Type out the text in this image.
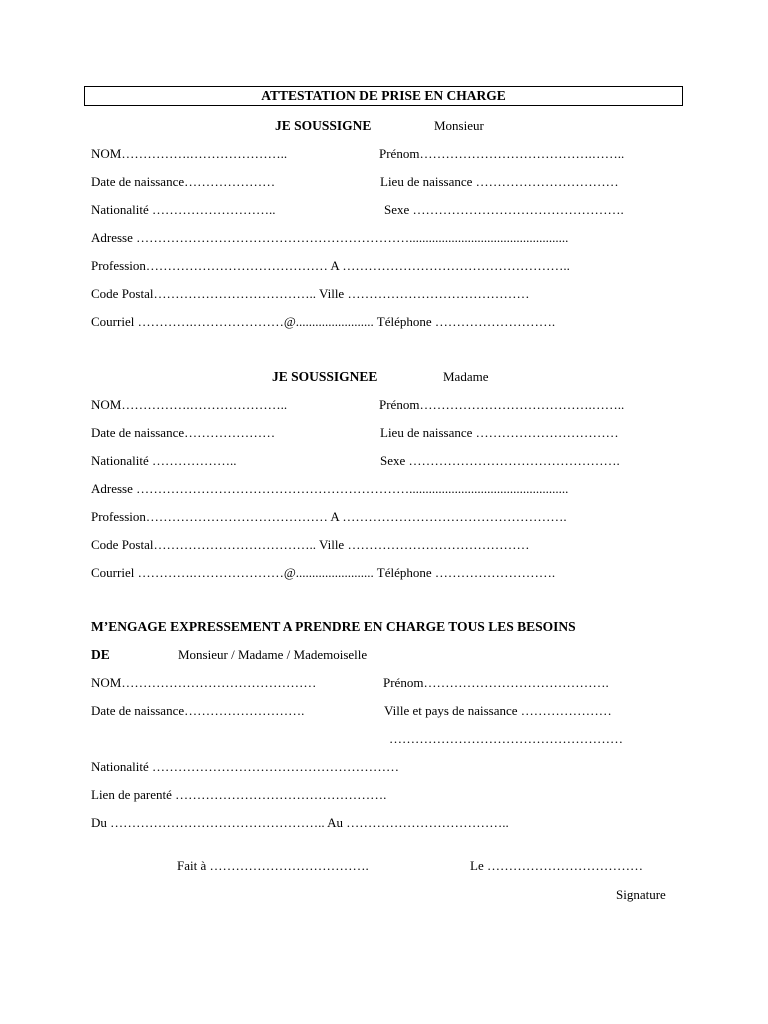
ATTESTATION DE PRISE EN CHARGE
JE SOUSSIGNE	Monsieur
NOM…………….…………………..	Prénom………………………………….……..
Date de naissance…………………	Lieu de naissance ……………………………
Nationalité ………………………..	Sexe ………………………………………….
Adresse ……………………………………………………….................................................
Profession…………………………………… A ……………………………………………..
Code Postal……………………………….. Ville ……………………………………
Courriel ………….…………………@........................ Téléphone ……………………….
JE SOUSSIGNEE	Madame
NOM…………….…………………..	Prénom………………………………….……..
Date de naissance…………………	Lieu de naissance ……………………………
Nationalité ………………..	Sexe ………………………………………….
Adresse ……………………………………………………….................................................
Profession…………………………………… A …………………………………………….
Code Postal……………………………….. Ville ……………………………………
Courriel ………….…………………@........................ Téléphone ……………………….
M’ENGAGE EXPRESSEMENT A PRENDRE EN CHARGE TOUS LES BESOINS
DE	Monsieur / Madame / Mademoiselle
NOM………………………………………	Prénom…………………………………….
Date de naissance……………………….	Ville et pays de naissance …………………
………………………………………………
Nationalité …………………………………………………
Lien de parenté ………………………………………….
Du ………………………………………….. Au ………………………………..
Fait à ……………………………….	Le ………………………………
Signature
